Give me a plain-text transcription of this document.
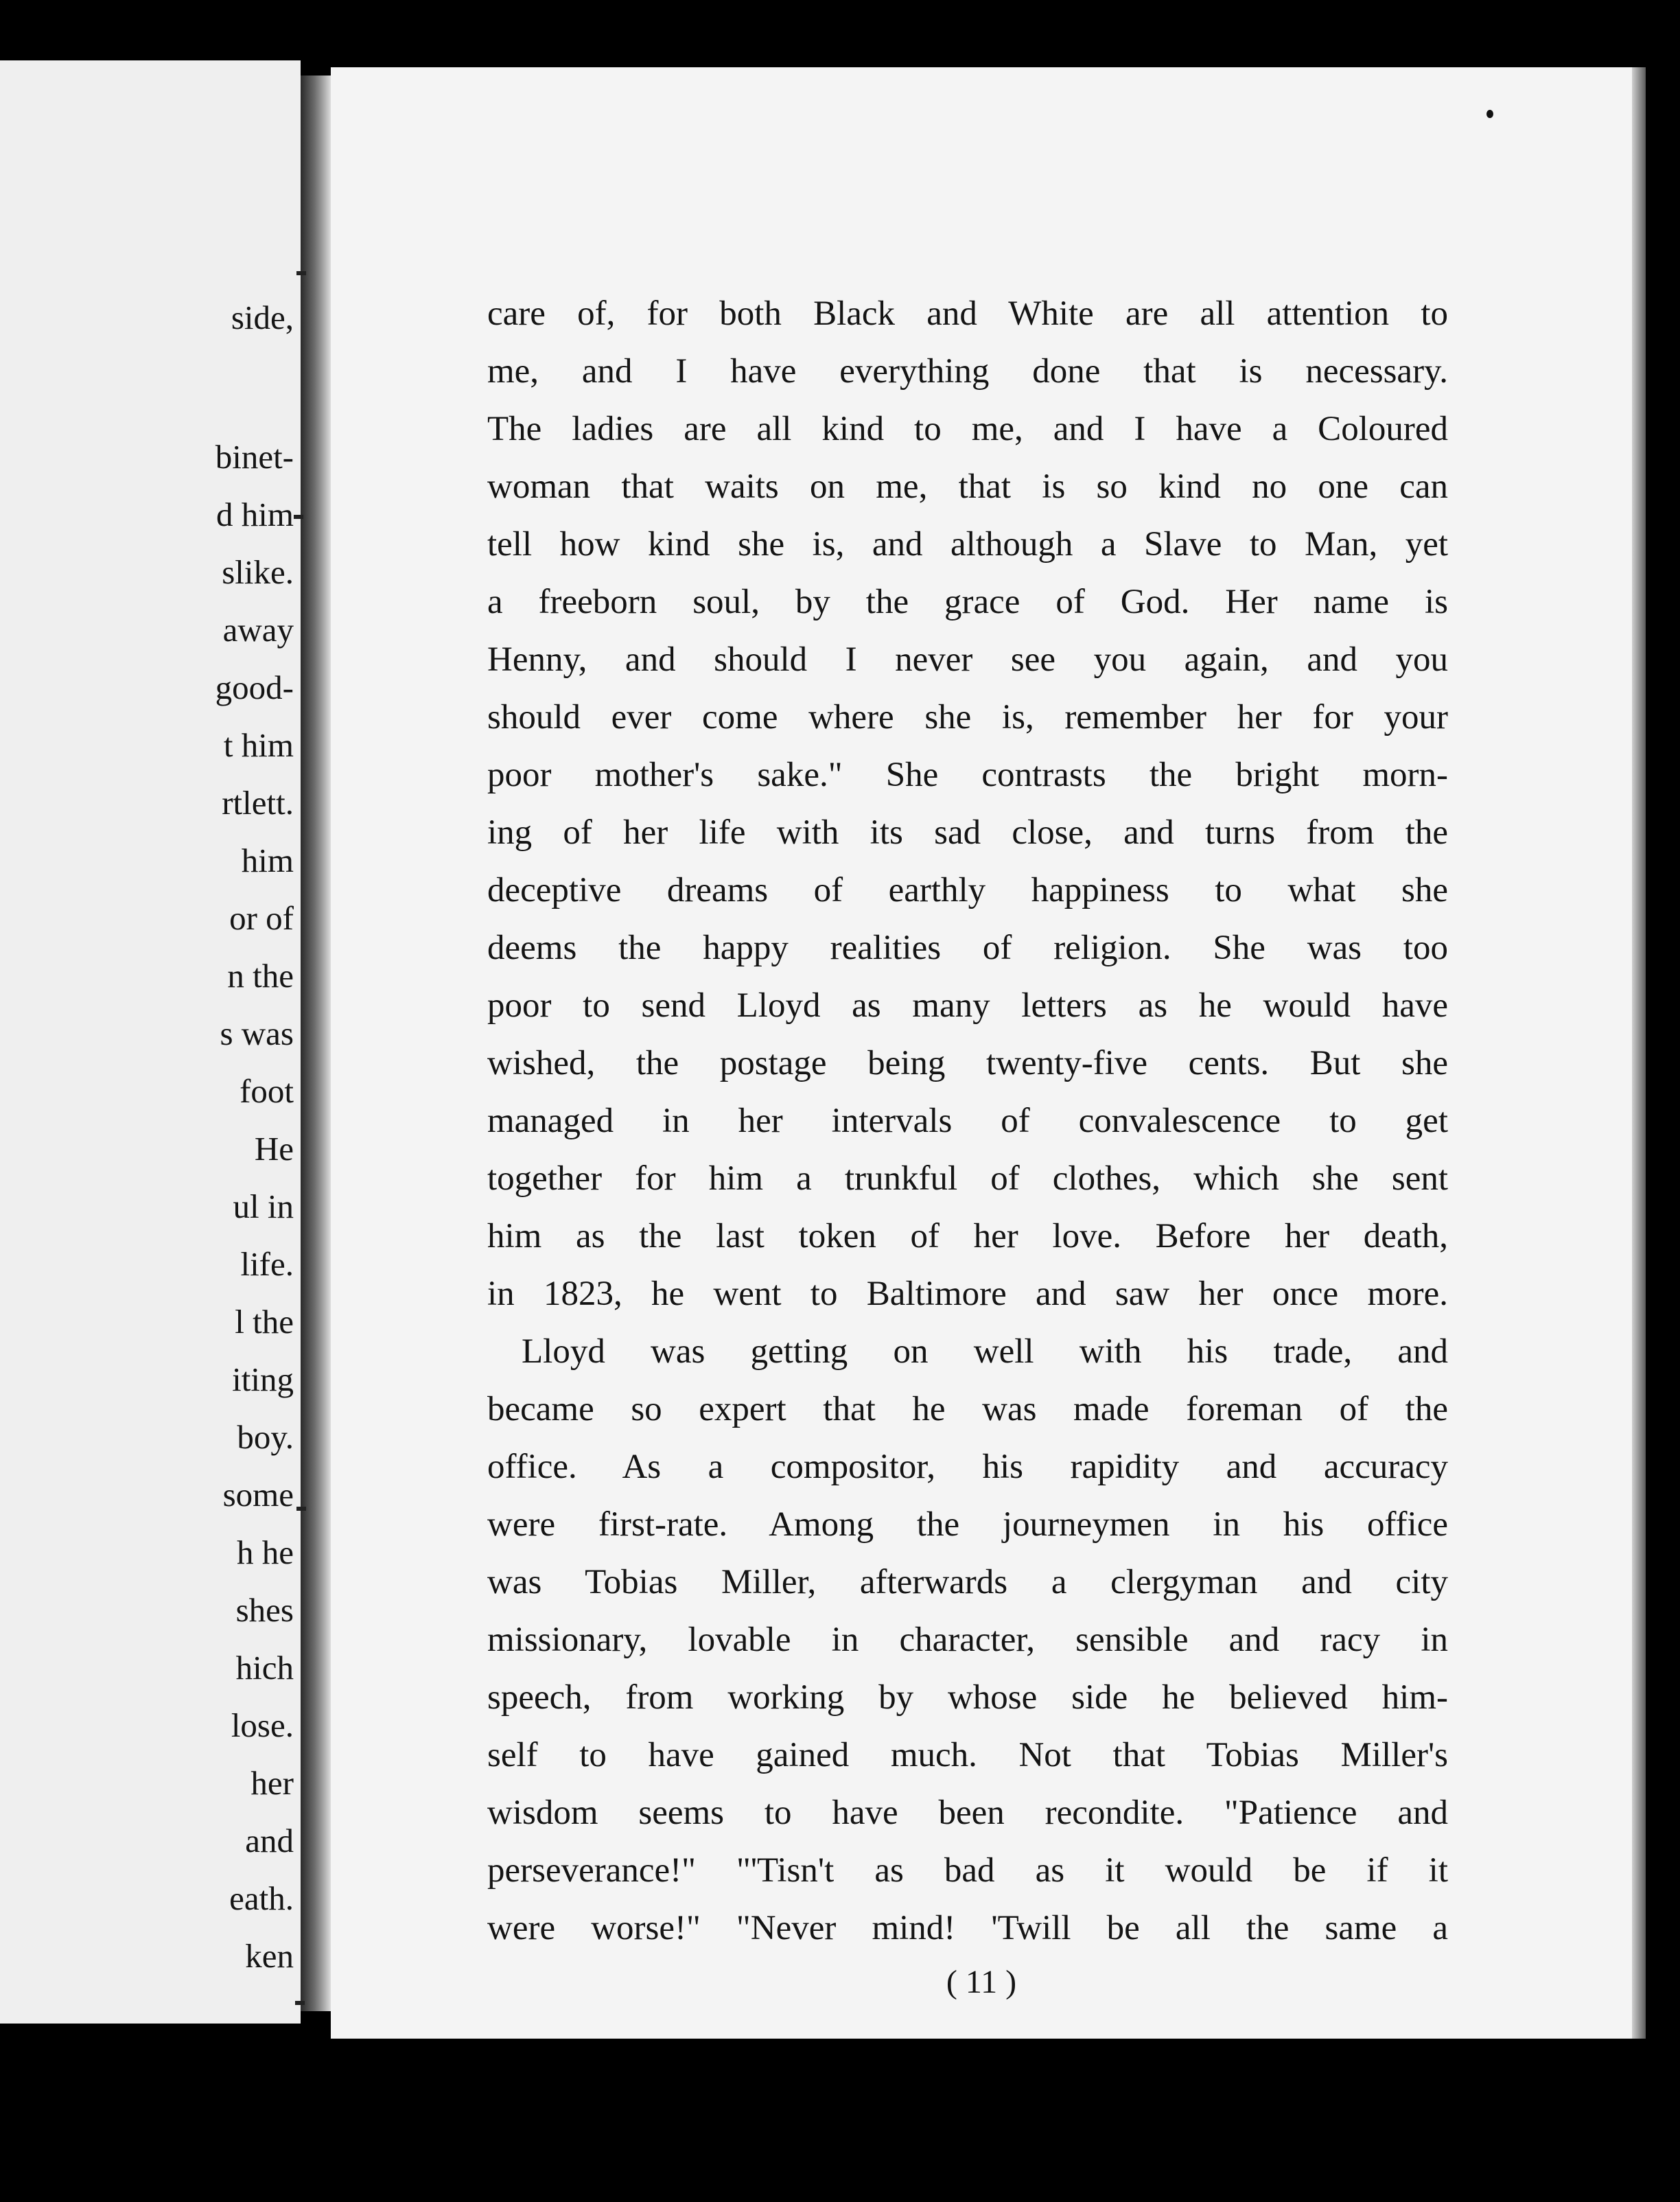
side,
binet-
d him
slike.
away
good-
t him
rtlett.
him
or of
n the
s was
foot
He
ul in
life.
l the
iting
boy.
some
h he
shes
hich
lose.
her
and
eath.
ken

care of, for both Black and White are all attention to

me, and I have everything done that is necessary.

The ladies are all kind to me, and I have a Coloured

woman that waits on me, that is so kind no one can

tell how kind she is, and although a Slave to Man, yet

a freeborn soul, by the grace of God. Her name is

Henny, and should I never see you again, and you

should ever come where she is, remember her for your

poor mother's sake." She contrasts the bright morn-

ing of her life with its sad close, and turns from the

deceptive dreams of earthly happiness to what she

deems the happy realities of religion. She was too

poor to send Lloyd as many letters as he would have

wished, the postage being twenty-five cents. But she

managed in her intervals of convalescence to get

together for him a trunkful of clothes, which she sent

him as the last token of her love. Before her death,

in 1823, he went to Baltimore and saw her once more.

Lloyd was getting on well with his trade, and

became so expert that he was made foreman of the

office. As a compositor, his rapidity and accuracy

were first-rate. Among the journeymen in his office

was Tobias Miller, afterwards a clergyman and city

missionary, lovable in character, sensible and racy in

speech, from working by whose side he believed him-

self to have gained much. Not that Tobias Miller's

wisdom seems to have been recondite. "Patience and

perseverance!" "'Tisn't as bad as it would be if it

were worse!" "Never mind! 'Twill be all the same a

( 11 )
